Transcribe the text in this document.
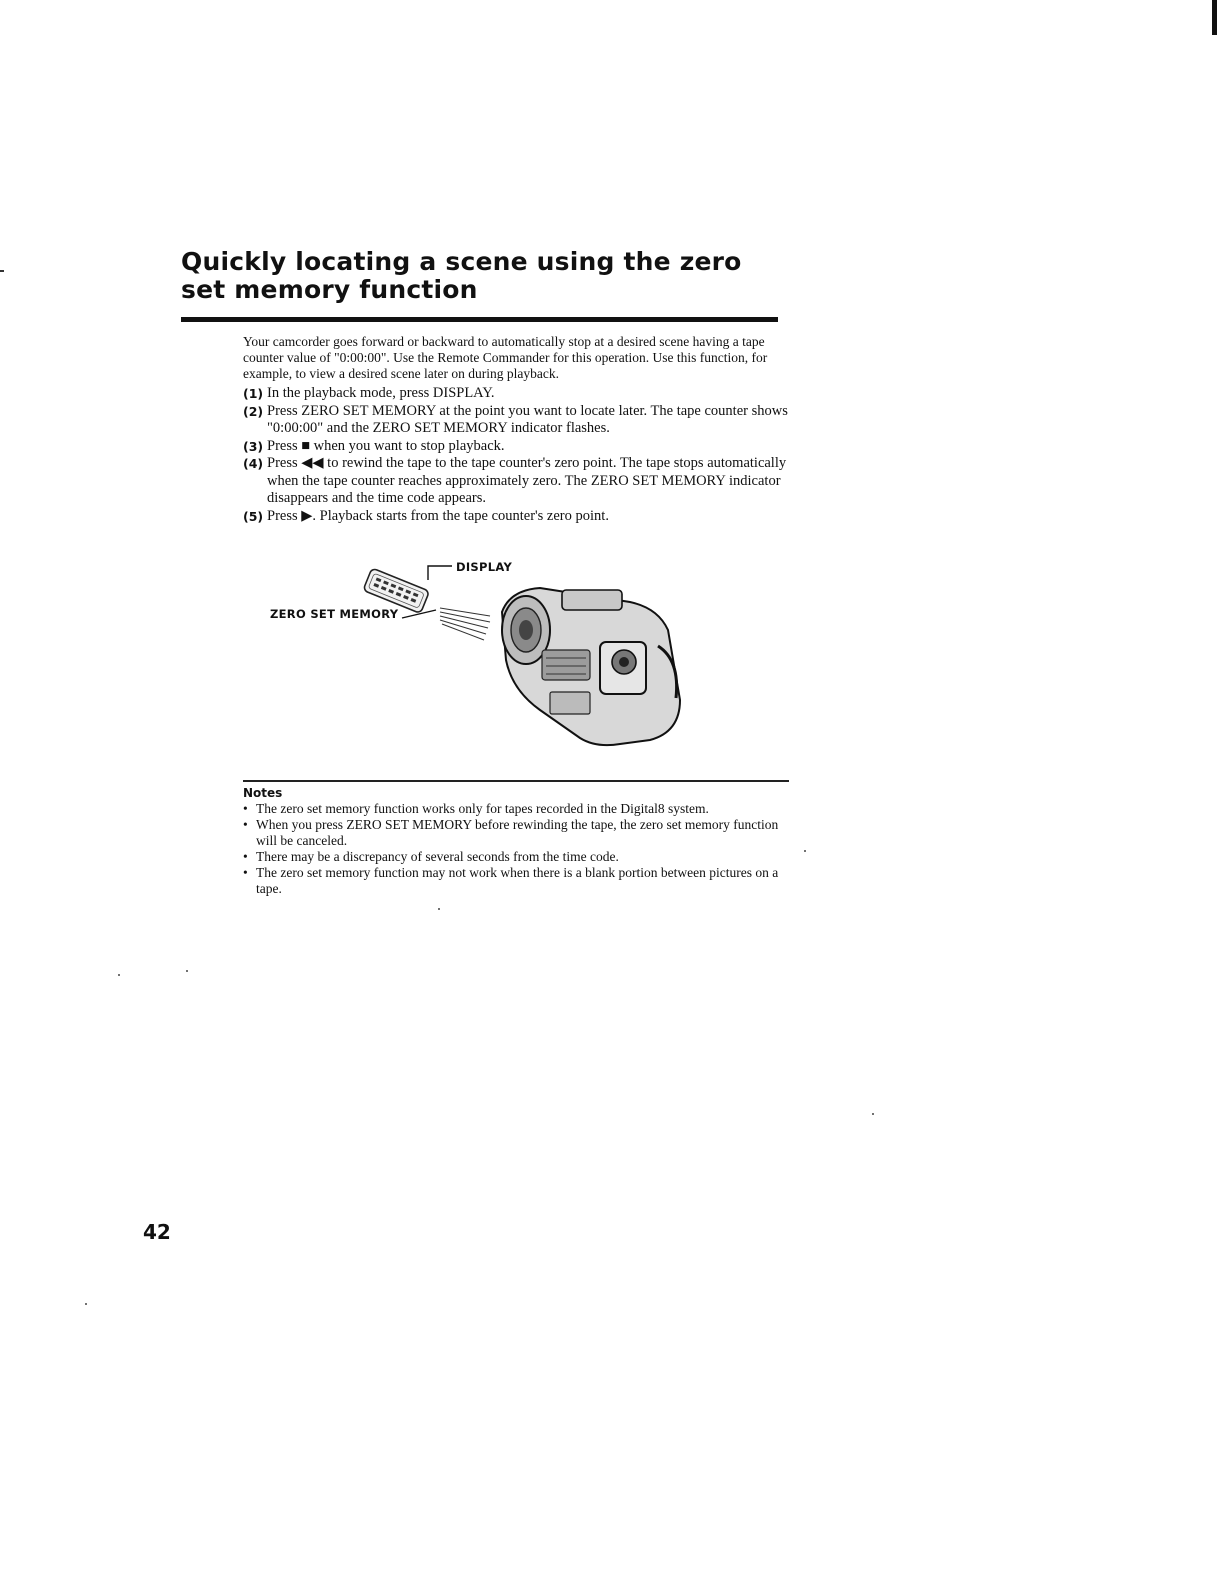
Quickly locating a scene using the zero set memory function

Your camcorder goes forward or backward to automatically stop at a desired scene having a tape counter value of "0:00:00". Use the Remote Commander for this operation. Use this function, for example, to view a desired scene later on during playback.

(1) In the playback mode, press DISPLAY.
(2) Press ZERO SET MEMORY at the point you want to locate later. The tape counter shows "0:00:00" and the ZERO SET MEMORY indicator flashes.
(3) Press ■ when you want to stop playback.
(4) Press ◀◀ to rewind the tape to the tape counter's zero point. The tape stops automatically when the tape counter reaches approximately zero. The ZERO SET MEMORY indicator disappears and the time code appears.
(5) Press ▶. Playback starts from the tape counter's zero point.
DISPLAY
ZERO SET MEMORY
Notes
• The zero set memory function works only for tapes recorded in the Digital8 system.
• When you press ZERO SET MEMORY before rewinding the tape, the zero set memory function will be canceled.
• There may be a discrepancy of several seconds from the time code.
• The zero set memory function may not work when there is a blank portion between pictures on a tape.

42
